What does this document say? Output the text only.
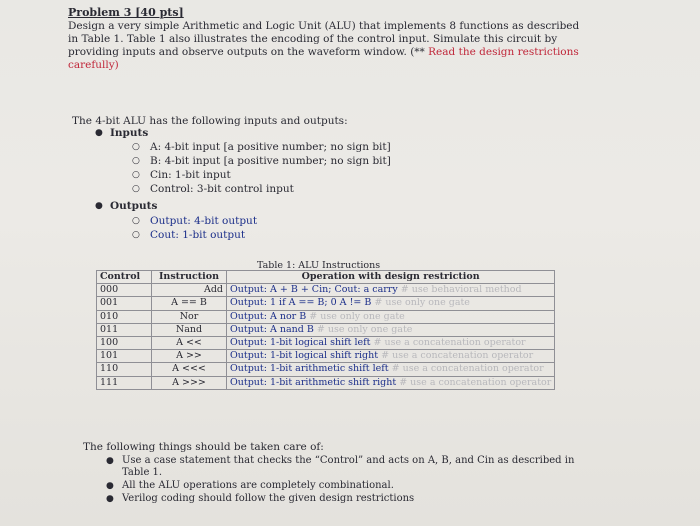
Problem 3 [40 pts]
Design a very simple Arithmetic and Logic Unit (ALU) that implements 8 functions as described
in Table 1. Table 1 also illustrates the encoding of the control input. Simulate this circuit by
providing inputs and observe outputs on the waveform window. (** Read the design restrictions
carefully)
The 4-bit ALU has the following inputs and outputs:
● Inputs
○ A: 4-bit input [a positive number; no sign bit]
○ B: 4-bit input [a positive number; no sign bit]
○ Cin: 1-bit input
○ Control: 3-bit control input
● Outputs
○ Output: 4-bit output
○ Cout: 1-bit output
Table 1: ALU Instructions
Control	Instruction	Operation with design restriction
000	Add	Output: A + B + Cin; Cout: a carry # use behavioral method
001	A == B	Output: 1 if A == B; 0 A != B # use only one gate
010	Nor	Output: A nor B # use only one gate
011	Nand	Output: A nand B # use only one gate
100	A <<	Output: 1-bit logical shift left # use a concatenation operator
101	A >>	Output: 1-bit logical shift right # use a concatenation operator
110	A <<<	Output: 1-bit arithmetic shift left # use a concatenation operator
111	A >>>	Output: 1-bit arithmetic shift right # use a concatenation operator
The following things should be taken care of:
● Use a case statement that checks the “Control” and acts on A, B, and Cin as described in
Table 1.
● All the ALU operations are completely combinational.
● Verilog coding should follow the given design restrictions
